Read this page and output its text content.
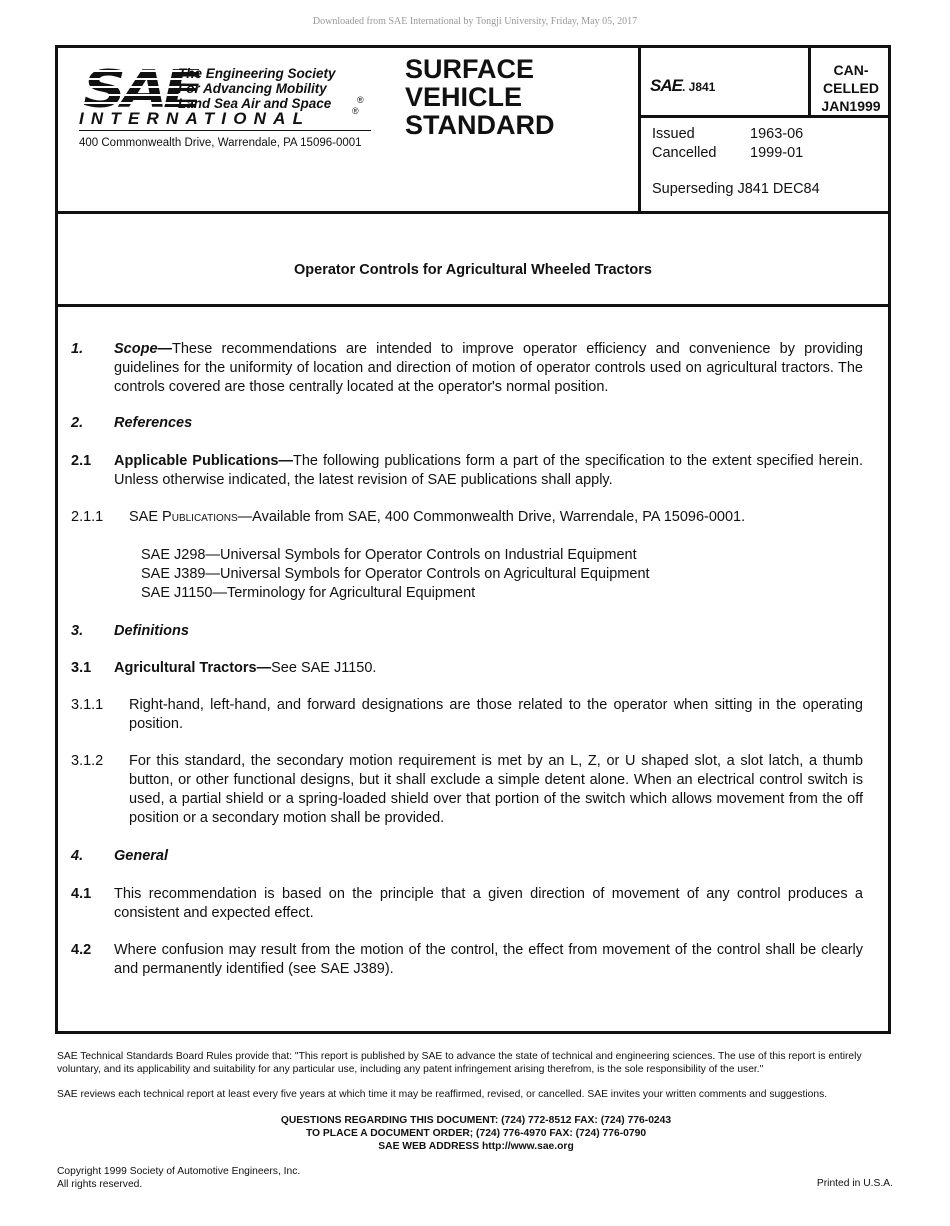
Downloaded from SAE International by Tongji University, Friday, May 05, 2017
SAE
The Engineering Society
For Advancing Mobility
Land Sea Air and Space	®
INTERNATIONAL	®
400 Commonwealth Drive, Warrendale, PA 15096-0001
SURFACE
VEHICLE
STANDARD
SAE. J841
CAN-
CELLED
JAN1999
Issued	1963-06
Cancelled 1999-01
Superseding J841 DEC84
Operator Controls for Agricultural Wheeled Tractors
1. Scope—These recommendations are intended to improve operator efficiency and convenience by providing guidelines for the uniformity of location and direction of motion of operator controls used on agricultural tractors. The controls covered are those centrally located at the operator's normal position.
2. References
2.1 Applicable Publications—The following publications form a part of the specification to the extent specified herein. Unless otherwise indicated, the latest revision of SAE publications shall apply.
2.1.1 SAE Publications—Available from SAE, 400 Commonwealth Drive, Warrendale, PA 15096-0001.
SAE J298—Universal Symbols for Operator Controls on Industrial Equipment
SAE J389—Universal Symbols for Operator Controls on Agricultural Equipment
SAE J1150—Terminology for Agricultural Equipment
3. Definitions
3.1 Agricultural Tractors—See SAE J1150.
3.1.1 Right-hand, left-hand, and forward designations are those related to the operator when sitting in the operating position.
3.1.2 For this standard, the secondary motion requirement is met by an L, Z, or U shaped slot, a slot latch, a thumb button, or other functional designs, but it shall exclude a simple detent alone. When an electrical control switch is used, a partial shield or a spring-loaded shield over that portion of the switch which allows movement from the off position or a secondary motion shall be provided.
4. General
4.1 This recommendation is based on the principle that a given direction of movement of any control produces a consistent and expected effect.
4.2 Where confusion may result from the motion of the control, the effect from movement of the control shall be clearly and permanently identified (see SAE J389).
SAE Technical Standards Board Rules provide that: "This report is published by SAE to advance the state of technical and engineering sciences. The use of this report is entirely voluntary, and its applicability and suitability for any particular use, including any patent infringement arising therefrom, is the sole responsibility of the user."
SAE reviews each technical report at least every five years at which time it may be reaffirmed, revised, or cancelled. SAE invites your written comments and suggestions.
QUESTIONS REGARDING THIS DOCUMENT: (724) 772-8512 FAX: (724) 776-0243
TO PLACE A DOCUMENT ORDER; (724) 776-4970 FAX: (724) 776-0790
SAE WEB ADDRESS http://www.sae.org
Copyright 1999 Society of Automotive Engineers, Inc.
All rights reserved.	Printed in U.S.A.
